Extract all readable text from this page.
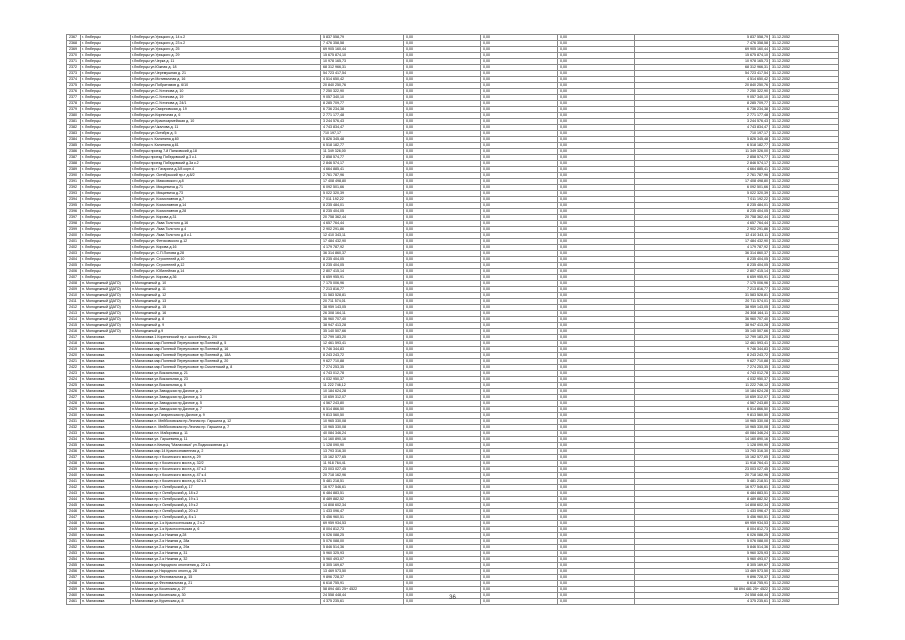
2367	г. Люберцы	г.Люберцы ул.Урицкого д. 14 к.2	5 837 558,79	0,00	0,00	0,00	5 837 558,79	31.12.2052
2368	г. Люберцы	г.Люберцы ул.Урицкого д. 23 к.2	7 476 358,58	0,00	0,00	0,00	7 476 358,58	31.12.2052
2369	г. Люберцы	г.Люберцы ул.Урицкого д. 25	69 905 160,44	0,00	0,00	0,00	69 905 160,44	31.12.2052
2370	г. Люберцы	г.Люберцы ул.Урицкого д. 29	15 675 874,10	0,00	0,00	0,00	15 675 874,10	31.12.2052
2371	г. Люберцы	г.Люберцы ул.Черка д. 11	10 978 165,73	0,00	0,00	0,00	10 978 165,73	31.12.2052
2372	г. Люберцы	г.Люберцы ул.Южная д. 18	68 312 966,31	0,00	0,00	0,00	68 312 966,31	31.12.2052
2373	г. Люберцы	г.Люберцы ул.Черемушная д. 21	54 723 417,54	0,00	0,00	0,00	54 723 417,54	31.12.2052
2374	г. Люберцы	г.Люберцы ул.Мотивычная д. 16	4 514 650,42	0,00	0,00	0,00	4 514 650,42	31.12.2052
2375	г. Люберцы	г.Люберцы ул.Побратимов д. 6/10	20 840 250,76	0,00	0,00	0,00	20 840 250,76	31.12.2052
2376	г. Люберцы	г.Люберцы ул.С.Устинова д. 10	7 250 322,90	0,00	0,00	0,00	7 250 322,90	31.12.2052
2377	г. Люберцы	г.Люберцы ул.С.Устинова д. 19	9 057 340,10	0,00	0,00	0,00	9 057 340,10	31.12.2052
2378	г. Люберцы	г.Люберцы ул.С.Устинова д. 24/1	8 285 709,77	0,00	0,00	0,00	8 285 709,77	31.12.2052
2379	г. Люберцы	г.Люберцы ул.Смирновская д. 19	6 736 234,38	0,00	0,00	0,00	6 736 234,38	31.12.2052
2380	г. Люберцы	г.Люберцы ул.Кирпичная д. 6	2 771 177,48	0,00	0,00	0,00	2 771 177,48	31.12.2052
2381	г. Люберцы	г.Люберцы ул.Красноармейская д. 10	3 244 576,43	0,00	0,00	0,00	3 244 576,43	31.12.2052
2382	г. Люберцы	г.Люберцы ул.Чкалова д. 11	4 743 834,47	0,00	0,00	0,00	4 743 834,47	31.12.2052
2383	г. Люберцы	г.Люберцы ул.Октября д. 5	710 197,17	0,00	0,00	0,00	710 197,17	31.12.2052
2384	г. Люберцы	г.Люберцы п. Калинина д.60	5 826 345,48	0,00	0,00	0,00	5 826 345,48	31.12.2052
2385	г. Люберцы	г.Люберцы п. Калинина д.61	6 518 182,77	0,00	0,00	0,00	6 518 182,77	31.12.2052
2386	г. Люберцы	г.Люберцы проезд 7-й Панковский д.18	11 349 326,00	0,00	0,00	0,00	11 349 326,00	31.12.2052
2387	г. Люберцы	г.Люберцы проезд Победовский д.3 к.1	2 858 574,77	0,00	0,00	0,00	2 858 574,77	31.12.2052
2388	г. Люберцы	г.Люберцы проезд Победовский д.3а к.2	2 846 574,17	0,00	0,00	0,00	2 846 574,17	31.12.2052
2389	г. Люберцы	г.Люберцы пр-т Гагарина д.3/8 корп.4	4 664 885,41	0,00	0,00	0,00	4 664 885,41	31.12.2052
2390	г. Люберцы	г.Люберцы ул. Октябрьский пр-т д.8/2	2 761 787,96	0,00	0,00	0,00	2 761 787,96	31.12.2052
2391	г. Люберцы	г.Люберцы ул. Маяковского д.8	17 408 498,80	0,00	0,00	0,00	17 408 498,80	31.12.2052
2392	г. Люберцы	г.Люберцы ул. Мицкевича д.71	6 092 501,66	0,00	0,00	0,00	6 092 501,66	31.12.2052
2393	г. Люберцы	г.Люберцы ул. Мицкевича д.73	5 022 320,39	0,00	0,00	0,00	5 022 320,39	31.12.2052
2394	г. Люберцы	г.Люберцы ул. Космонавтов д.7	7 011 192,22	0,00	0,00	0,00	7 011 192,22	31.12.2052
2395	г. Люберцы	г.Люберцы ул. Космонавтов д.14	8 235 484,01	0,00	0,00	0,00	8 235 484,01	31.12.2052
2396	г. Люберцы	г.Люберцы ул. Космонавтов д.28	8 235 404,05	0,00	0,00	0,00	8 235 404,05	31.12.2052
2397	г. Люберцы	г.Люберцы ул. Кирова д.31	20 758 362,44	0,00	0,00	0,00	20 758 362,44	31.12.2052
2398	г. Люберцы	г.Люберцы ул. Льва Толстого д.16	4 657 764,44	0,00	0,00	0,00	4 657 764,44	31.12.2052
2399	г. Люберцы	г.Люберцы ул. Льва Толстого д.4	2 902 291,86	0,00	0,00	0,00	2 902 291,86	31.12.2052
2400	г. Люберцы	г.Люберцы ул. Льва Толстого д.8 к.1	12 410 343,11	0,00	0,00	0,00	12 410 343,11	31.12.2052
2401	г. Люберцы	г.Люберцы ул. Фетисовского д.12	17 484 432,90	0,00	0,00	0,00	17 484 432,90	31.12.2052
2402	г. Люберцы	г.Люберцы ул. Кирова д.16	4 179 787,92	0,00	0,00	0,00	4 179 787,92	31.12.2052
2403	г. Люберцы	г.Люберцы ул. С.П.Попова д.28	36 314 860,37	0,00	0,00	0,00	36 314 860,37	31.12.2052
2404	г. Люберцы	г.Люберцы ул. Строителей д.10	8 235 404,05	0,00	0,00	0,00	8 235 404,05	31.12.2052
2405	г. Люберцы	г.Люберцы ул. Строителей д.12	8 235 404,05	0,00	0,00	0,00	8 235 404,05	31.12.2052
2406	г. Люберцы	г.Люберцы ул. Юбилейная д.14	2 807 415,14	0,00	0,00	0,00	2 807 415,14	31.12.2052
2407	г. Люберцы	г.Люберцы ул. Кирова д.36	6 659 955,91	0,00	0,00	0,00	6 659 955,91	31.12.2052
2408	п. Молодежный (ДАГО)	п.Молодежный д. 10	7 175 006,96	0,00	0,00	0,00	7 175 006,96	31.12.2052
2409	п. Молодежный (ДАГО)	п.Молодежный д. 11	7 213 816,77	0,00	0,00	0,00	7 213 816,77	31.12.2052
2410	п. Молодежный (ДАГО)	п.Молодежный д. 12	31 583 528,81	0,00	0,00	0,00	31 583 528,81	31.12.2052
2411	п. Молодежный (ДАГО)	п.Молодежный д. 13	20 711 574,01	0,00	0,00	0,00	20 711 574,01	31.12.2052
2412	п. Молодежный (ДАГО)	п.Молодежный д. 15	38 959 143,05	0,00	0,00	0,00	38 959 143,05	31.12.2052
2413	п. Молодежный (ДАГО)	п.Молодежный д. 16	26 308 164,11	0,00	0,00	0,00	26 308 164,11	31.12.2052
2414	п. Молодежный (ДАГО)	п.Молодежный д. 8	36 960 707,40	0,00	0,00	0,00	36 960 707,40	31.12.2052
2415	п. Молодежный (ДАГО)	п.Молодежный д. 9	38 947 413,28	0,00	0,00	0,00	38 947 413,28	31.12.2052
2416	п. Молодежный (ДАГО)	п.Молодежный д.9	35 140 507,66	0,00	0,00	0,00	35 140 507,66	31.12.2052
2417	п. Малаховка	п.Малаховка 1 Коренинский пр-т. шоссейная д. 2/4	12 799 183,20	0,00	0,00	0,00	12 799 183,20	31.12.2052
2418	п. Малаховка	п.Малаховка мкр.Полевой Переулковое пр.Полевой д. 5	12 461 593,41	0,00	0,00	0,00	12 461 593,41	31.12.2052
2419	п. Малаховка	п.Малаховка мкр.Полевой Переулковое пр.Полевой д. 16	9 746 344,83	0,00	0,00	0,00	9 746 344,83	31.12.2052
2420	п. Малаховка	п.Малаховка мкр.Полевой Переулковое пр.Полевой д. 18А	8 243 243,72	0,00	0,00	0,00	8 243 243,72	31.12.2052
2421	п. Малаховка	п.Малаховка мкр.Полевой Переулковое пр.Полевой д. 20	9 627 710,88	0,00	0,00	0,00	9 627 710,88	31.12.2052
2422	п. Малаховка	п.Малаховка мкр.Полевой Переулковое пр.Смоленский д. 8	7 274 253,35	0,00	0,00	0,00	7 274 253,35	31.12.2052
2423	п. Малаховка	п.Малаховка ул.Вокзальная д. 21	4 743 012,78	0,00	0,00	0,00	4 743 012,78	31.12.2052
2424	п. Малаховка	п.Малаховка ул.Вокзальная д. 23	4 032 950,37	0,00	0,00	0,00	4 032 950,37	31.12.2052
2425	п. Малаховка	п.Малаховка ул.Вокзальная д. 6	11 222 746,12	0,00	0,00	0,00	11 222 746,12	31.12.2052
2426	п. Малаховка	п.Малаховка ул.Заводская пр.Дачное д. 2	10 184 624,28	0,00	0,00	0,00	10 184 624,28	31.12.2052
2427	п. Малаховка	п.Малаховка ул.Заводская пр.Дачное д. 3	10 659 312,07	0,00	0,00	0,00	10 659 312,07	31.12.2052
2428	п. Малаховка	п.Малаховка ул.Заводская пр.Дачное д. 5	4 567 243,80	0,00	0,00	0,00	4 567 243,80	31.12.2052
2429	п. Малаховка	п.Малаховка ул.Заводская пр.Дачное д. 7	6 514 866,50	0,00	0,00	0,00	6 514 866,50	31.12.2052
2430	п. Малаховка	п.Малаховка ул.Гагаринская пр.Дачное д. 9	9 813 560,50	0,00	0,00	0,00	9 813 560,50	31.12.2052
2431	п. Малаховка	п.Малаховка п. Мейбоховская пр.Лесная пр. Гаршила д. 12	10 965 330,08	0,00	0,00	0,00	10 965 330,08	31.12.2052
2432	п. Малаховка	п.Малаховка п. Мейбоховская пр.Лесная пр. Гаршила д. 7	10 965 330,08	0,00	0,00	0,00	10 965 330,08	31.12.2052
2433	п. Малаховка	п.Малаховка пл. Майоровка д. 11	40 084 346,24	0,00	0,00	0,00	40 084 346,24	31.12.2052
2434	п. Малаховка	п.Малаховка ул. Гаршевина д. 11	14 160 890,16	0,00	0,00	0,00	14 160 890,16	31.12.2052
2435	п. Малаховка	п.Малаховка п.Кемпиц "Малаховка" ул.Подмосковная д.1	1 128 090,90	0,00	0,00	0,00	1 128 090,90	31.12.2052
2436	п. Малаховка	п.Малаховка мкр.14 Краснознаменная д. 2	13 793 316,30	0,00	0,00	0,00	13 793 316,30	31.12.2052
2437	п. Малаховка	п.Малаховка пр-т Косинского моста д. 29	15 162 577,65	0,00	0,00	0,00	15 162 577,65	31.12.2052
2438	п. Малаховка	п.Малаховка пр-т Косинского моста д. 32/2	11 918 764,41	0,00	0,00	0,00	11 918 764,41	31.12.2052
2439	п. Малаховка	п.Малаховка пр-т Косинского моста д. 47 к.2	23 003 027,45	0,00	0,00	0,00	23 003 027,45	31.12.2052
2440	п. Малаховка	п.Малаховка пр-т Косинского моста д. 47 к.4	20 718 162,96	0,00	0,00	0,00	20 718 162,96	31.12.2052
2441	п. Малаховка	п.Малаховка пр-т Косинского моста д. 62 к.3	5 481 218,51	0,00	0,00	0,00	5 481 218,51	31.12.2052
2442	п. Малаховка	п.Малаховка пр-т Октябрьский д. 17	16 977 546,61	0,00	0,00	0,00	16 977 546,61	31.12.2052
2443	п. Малаховка	п.Малаховка пр-т Октябрьский д. 18 к.2	6 484 883,51	0,00	0,00	0,00	6 484 883,51	31.12.2052
2444	п. Малаховка	п.Малаховка пр-т Октябрьский д. 19 к.1	8 489 882,52	0,00	0,00	0,00	8 489 882,52	31.12.2052
2445	п. Малаховка	п.Малаховка пр-т Октябрьский д. 19 к.2	14 808 602,34	0,00	0,00	0,00	14 808 602,34	31.12.2052
2446	п. Малаховка	п.Малаховка пр-т Октябрьский д. 20 к.2	1 433 096,47	0,00	0,00	0,00	1 433 096,47	31.12.2052
2447	п. Малаховка	п.Малаховка пр-т Октябрьский д. 8 к.1	5 456 960,51	0,00	0,00	0,00	5 456 960,51	31.12.2052
2448	п. Малаховка	п.Малаховка ул.1-я Красносельская д. 2 к.2	69 959 934,53	0,00	0,00	0,00	69 959 934,53	31.12.2052
2449	п. Малаховка	п.Малаховка ул.1-я Красносельская д. 6	8 004 812,73	0,00	0,00	0,00	8 004 812,73	31.12.2052
2450	п. Малаховка	п.Малаховка ул.2-я Нижняя д.28	6 026 088,25	0,00	0,00	0,00	6 026 088,25	31.12.2052
2451	п. Малаховка	п.Малаховка ул.2-я Нижняя д. 28а	5 076 088,00	0,00	0,00	0,00	5 076 088,00	31.12.2052
2452	п. Малаховка	п.Малаховка ул.2-я Нижняя д. 29а	5 846 514,36	0,00	0,00	0,00	5 846 514,36	31.12.2052
2453	п. Малаховка	п.Малаховка ул.2-я Нижняя д. 31	5 960 325,93	0,00	0,00	0,00	5 960 325,93	31.12.2052
2454	п. Малаховка	п.Малаховка ул.2-я Нижняя д. 32	5 960 493,07	0,00	0,00	0,00	5 960 493,07	31.12.2052
2455	п. Малаховка	п.Малаховка ул.Народного ополчения д. 22 к.1	8 305 169,67	0,00	0,00	0,00	8 305 169,67	31.12.2052
2456	п. Малаховка	п.Малаховка ул.Народного ополч.д. 28	13 469 573,50	0,00	0,00	0,00	13 469 573,50	31.12.2052
2457	п. Малаховка	п.Малаховка ул.Фестивальная д. 15	9 896 728,37	0,00	0,00	0,00	9 896 728,37	31.12.2052
2458	п. Малаховка	п.Малаховка ул.Фестивальная д. 21	6 618 755,91	0,00	0,00	0,00	6 618 755,91	31.12.2052
2459	п. Малаховка	п.Малаховка ул.Косинская д. 27	58 894 481 25+ 4522	0,00	0,00	0,00	58 894 481 25+ 4522	31.12.2052
2460	п. Малаховка	п.Малаховка ул.Косинская д. 30	24 558 448,44	0,00	0,00	0,00	24 558 448,44	31.12.2052
2461	п. Малаховка	п.Малаховка ул.Куринская д. 8	4 375 235,61	0,00	0,00	0,00	4 375 235,61	31.12.2052
36
